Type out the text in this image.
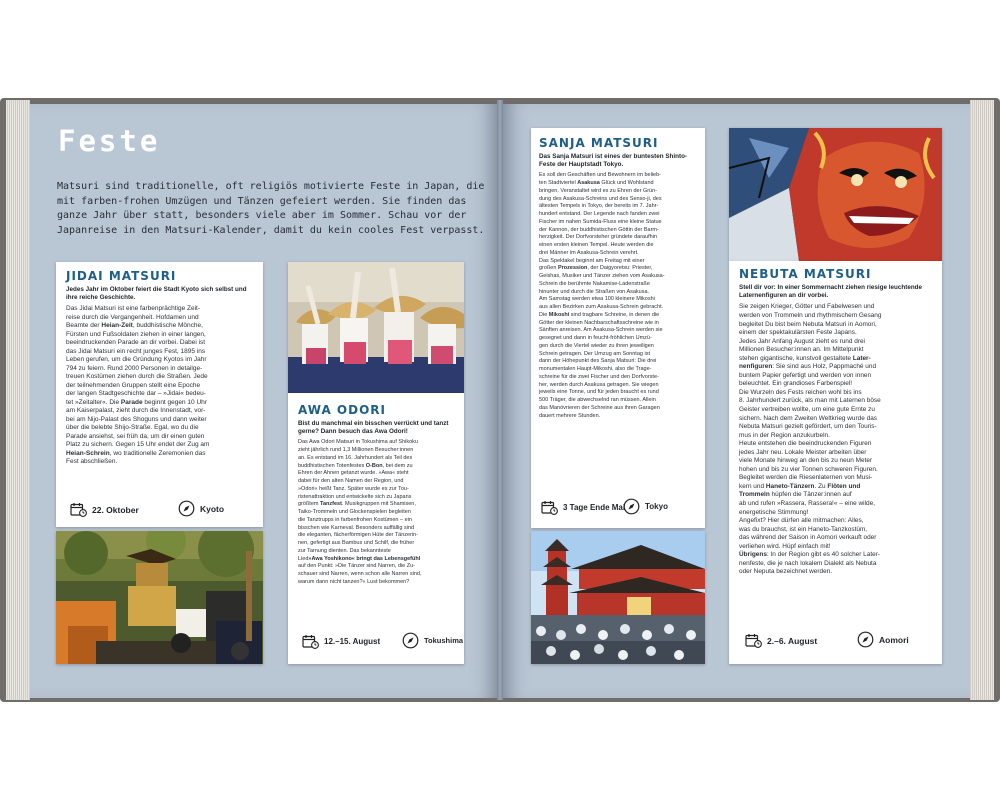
Feste
Matsuri sind traditionelle, oft religiös motivierte Feste in Japan, die mit farben-frohen Umzügen und Tänzen gefeiert werden. Sie finden das ganze Jahr über statt, besonders viele aber im Sommer. Schau vor der Japanreise in den Matsuri-Kalender, damit du kein cooles Fest verpasst.
JIDAI MATSURI
Jedes Jahr im Oktober feiert die Stadt Kyoto sich selbst und ihre reiche Geschichte.
Das Jidai Matsuri ist eine farbenprächtige Zeit-
reise durch die Vergangenheit. Hofdamen und
Beamte der Heian-Zeit, buddhistische Mönche,
Fürsten und Fußsoldaten ziehen in einer langen,
beeindruckenden Parade an dir vorbei. Dabei ist
das Jidai Matsuri ein recht junges Fest, 1895 ins
Leben gerufen, um die Gründung Kyotos im Jahr
794 zu feiern. Rund 2000 Personen in detailge-
treuen Kostümen ziehen durch die Straßen. Jede
der teilnehmenden Gruppen stellt eine Epoche
der langen Stadtgeschichte dar – »Jidai« bedeu-
tet »Zeitalter«. Die Parade beginnt gegen 10 Uhr
am Kaiserpalast, zieht durch die Innenstadt, vor-
bei am Nijo-Palast des Shoguns und dann weiter
über die belebte Shijo-Straße. Egal, wo du die
Parade ansiehst, sei früh da, um dir einen guten
Platz zu sichern. Gegen 15 Uhr endet der Zug am
Heian-Schrein, wo traditionelle Zeremonien das
Fest abschließen.
22. Oktober	Kyoto
AWA ODORI
Bist du manchmal ein bisschen verrückt und tanzt gerne? Dann besuch das Awa Odori!
Das Awa Odori Matsuri in Tokushima auf Shikoku
zieht jährlich rund 1,3 Millionen Besucher:innen
an. Es entstand im 16. Jahrhundert als Teil des
buddhistischen Totenfestes O-Bon, bei dem zu
Ehren der Ahnen getanzt wurde. »Awa« steht
dabei für den alten Namen der Region, und
»Odori« heißt Tanz. Später wurde es zur Tou-
ristenattraktion und entwickelte sich zu Japans
größtem Tanzfest. Musikgruppen mit Shamisen,
Taiko-Trommeln und Glockenspielen begleiten
die Tanztrupps in farbenfrohen Kostümen – ein
bisschen wie Karneval. Besonders auffällig sind
die eleganten, fächerförmigen Hüte der Tänzerin-
nen, gefertigt aus Bambus und Schilf, die früher
zur Tarnung dienten. Das bekannteste
Lied»Awa Yoshikono« bringt das Lebensgefühl
auf den Punkt: »Die Tänzer sind Narren, die Zu-
schauer sind Narren, wenn schon alle Narren sind,
warum dann nicht tanzen?« Lust bekommen?

12.–15. August	Tokushima
SANJA MATSURI
Das Sanja Matsuri ist eines der buntesten Shinto-Feste der Hauptstadt Tokyo.
Es soll den Geschäften und Bewohnern im belieb-
ten Stadtviertel Asakusa Glück und Wohlstand
bringen. Veranstaltet wird es zu Ehren der Grün-
dung des Asakusa-Schreins und des Senso-ji, des
ältesten Tempels in Tokyo, der bereits im 7. Jahr-
hundert entstand. Der Legende nach fanden zwei
Fischer im nahen Sumida-Fluss eine kleine Statue
der Kannon, der buddhistischen Göttin der Barm-
herzigkeit. Der Dorfvorsteher gründete daraufhin
einen ersten kleinen Tempel. Heute werden die
drei Männer im Asakusa-Schrein verehrt.
Das Spektakel beginnt am Freitag mit einer
großen Prozession, der Daigyoretsu: Priester,
Geishas, Musiker und Tänzer ziehen vom Asakusa-
Schrein die berühmte Nakamise-Ladenstraße
hinunter und durch die Straßen von Asakusa.
Am Samstag werden etwa 100 kleinere Mikoshi
aus allen Bezirken zum Asakusa-Schrein gebracht.
Die Mikoshi sind tragbare Schreine, in denen die
Götter der kleinen Nachbarschaftsschreine wie in
Sänften anreisen. Am Asakusa-Schrein werden sie
gesegnet und dann in feucht-fröhlichen Umzü-
gen durch die Viertel wieder zu ihren jeweiligen
Schrein getragen. Der Umzug am Sonntag ist
dann der Höhepunkt des Sanja Matsuri: Die drei
monumentalen Haupt-Mikoshi, also die Trage-
schreine für die zwei Fischer und den Dorfvorste-
her, werden durch Asakusa getragen. Sie wiegen
jeweils eine Tonne, und für jeden braucht es rund
500 Träger, die abwechselnd ran müssen. Allein
das Manövrieren der Schreine aus ihren Garagen
dauert mehrere Stunden.
3 Tage Ende Mai Tokyo
NEBUTA MATSURI
Stell dir vor: In einer Sommernacht ziehen riesige leuchtende Laternenfiguren an dir vorbei.
Sie zeigen Krieger, Götter und Fabelwesen und
werden von Trommeln und rhythmischem Gesang
begleitet Du bist beim Nebuta Matsuri in Aomori,
einem der spektakulärsten Feste Japans.
Jedes Jahr Anfang August zieht es rund drei
Millionen Besucher:innen an. Im Mittelpunkt
stehen gigantische, kunstvoll gestaltete Later-
nenfiguren: Sie sind aus Holz, Pappmaché und
buntem Papier gefertigt und werden von innen
beleuchtet. Ein grandioses Farbenspiel!
Die Wurzeln des Fests reichen wohl bis ins
8. Jahrhundert zurück, als man mit Laternen böse
Geister vertreiben wollte, um eine gute Ernte zu
sichern. Nach dem Zweiten Weltkrieg wurde das
Nebuta Matsuri gezielt gefördert, um den Touris-
mus in der Region anzukurbeln.
Heute entstehen die beeindruckenden Figuren
jedes Jahr neu. Lokale Meister arbeiten über
viele Monate hinweg an den bis zu neun Meter
hohen und bis zu vier Tonnen schweren Figuren.
Begleitet werden die Riesenlaternen von Musi-
kern und Haneto-Tänzern. Zu Flöten und
Trommeln hüpfen die Tänzer:innen auf
ab und rufen »Rassera, Rassera!« – eine wilde,
energetische Stimmung!
Angefixt? Hier dürfen alle mitmachen: Alles,
was du brauchst, ist ein Haneto-Tanzkostüm,
das während der Saison in Aomori verkauft oder
verliehen wird. Hüpf einfach mit!
Übrigens: In der Region gibt es 40 solcher Later-
nenfeste, die je nach lokalem Dialekt als Nebuta
oder Neputa bezeichnet werden.
2.–6. August	Aomori
